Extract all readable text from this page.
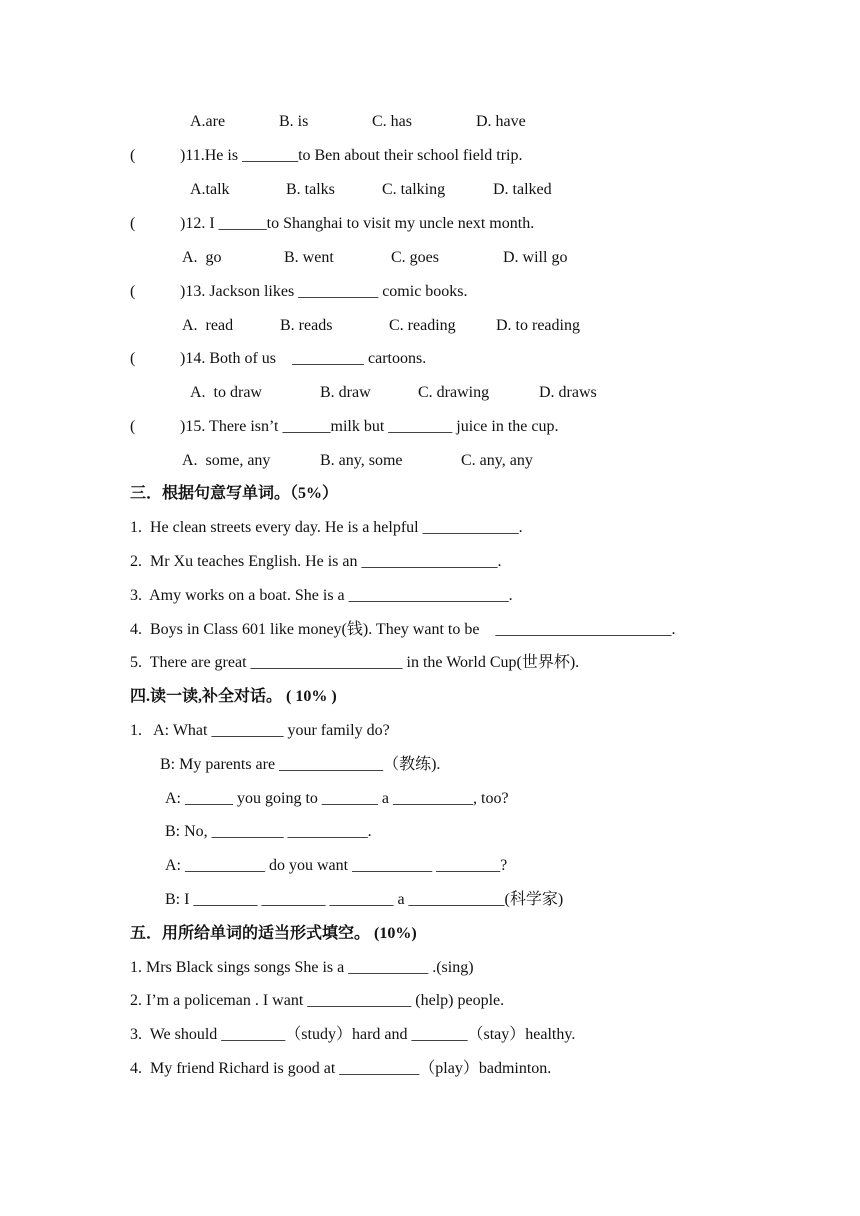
A.are	B. is	C. has	D. have
(	)11.He is _______to Ben about their school field trip.
A.talk	B. talks	C. talking	D. talked
(	)12. I ______to Shanghai to visit my uncle next month.
A.  go	B. went	C. goes	D. will go
(	)13. Jackson likes __________ comic books.
A.  read	B. reads	C. reading	D. to reading
(	)14. Both of us    _________ cartoons.
A.  to draw	B. draw	C. drawing	D. draws
(	)15. There isn’t ______milk but ________ juice in the cup.
A.  some, any	B. any, some	C. any, any
三．根据句意写单词。（5%）
1.  He clean streets every day. He is a helpful ____________.
2.  Mr Xu teaches English. He is an _________________.
3.  Amy works on a boat. She is a ____________________.
4.  Boys in Class 601 like money(钱). They want to be    ______________________.
5.  There are great ___________________ in the World Cup(世界杯).
四.读一读,补全对话。 ( 10% )
1.   A: What _________ your family do?
B: My parents are _____________（教练).
A: ______ you going to _______ a __________, too?
B: No, _________ __________.
A: __________ do you want __________ ________?
B: I ________ ________ ________ a ____________(科学家)
五．用所给单词的适当形式填空。 (10%)
1. Mrs Black sings songs She is a __________ .(sing)
2. I’m a policeman . I want _____________ (help) people.
3.  We should ________（study）hard and _______（stay）healthy.
4.  My friend Richard is good at __________（play）badminton.
